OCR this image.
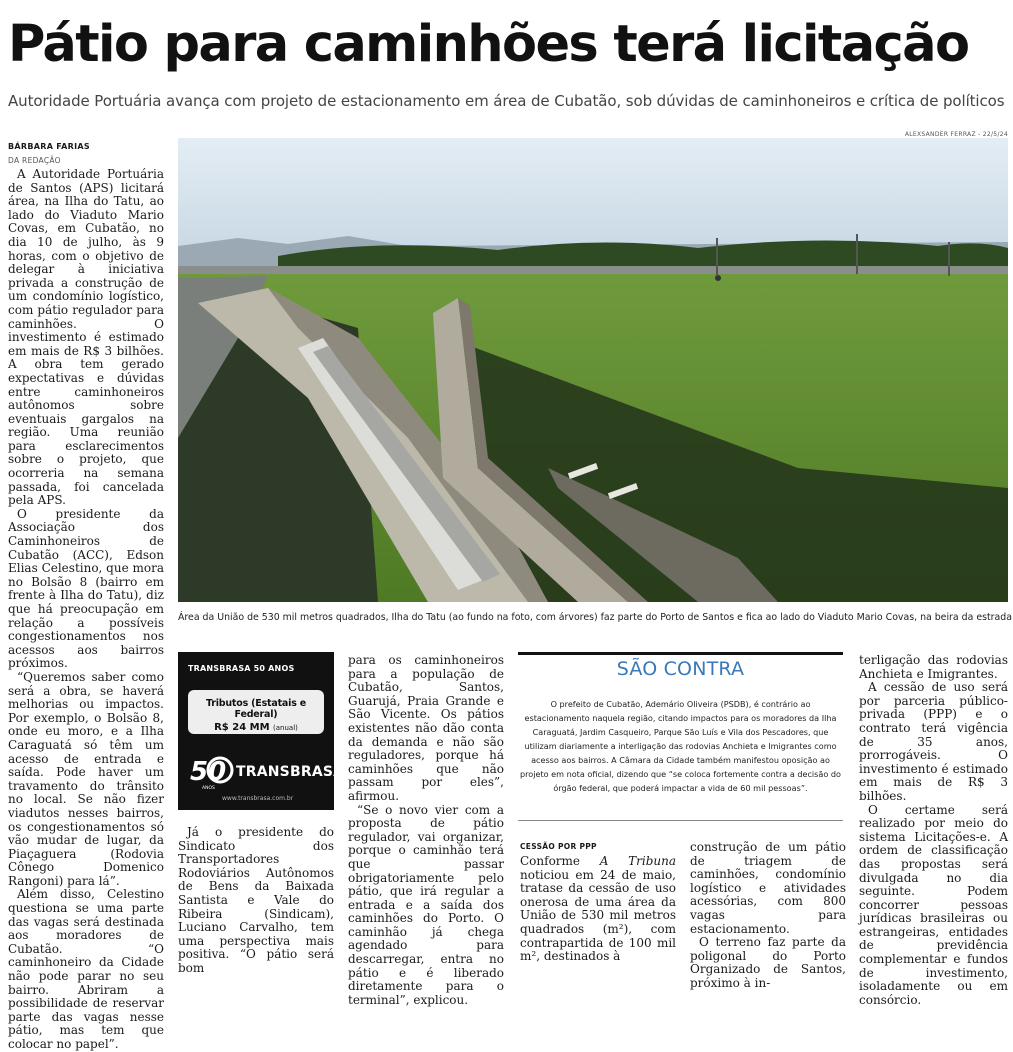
Pátio para caminhões terá licitação
Autoridade Portuária avança com projeto de estacionamento em área de Cubatão, sob dúvidas de caminhoneiros e crítica de políticos
BÁRBARA FARIAS
DA REDAÇÃO

A Autoridade Portuária de Santos (APS) licitará área, na Ilha do Tatu, ao lado do Viaduto Mario Covas, em Cubatão, no dia 10 de julho, às 9 horas, com o objetivo de delegar à iniciativa privada a construção de um condomínio logístico, com pátio regulador para caminhões. O investimento é estimado em mais de R$ 3 bilhões. A obra tem gerado expectativas e dúvidas entre caminhoneiros autônomos sobre eventuais gargalos na região. Uma reunião para esclarecimentos sobre o projeto, que ocorreria na semana passada, foi cancelada pela APS.

O presidente da Associação dos Caminhoneiros de Cubatão (ACC), Edson Elias Celestino, que mora no Bolsão 8 (bairro em frente à Ilha do Tatu), diz que há preocupação em relação a possíveis congestionamentos nos acessos aos bairros próximos.

“Queremos saber como será a obra, se haverá melhorias ou impactos. Por exemplo, o Bolsão 8, onde eu moro, e a Ilha Caraguatá só têm um acesso de entrada e saída. Pode haver um travamento do trânsito no local. Se não fizer viadutos nesses bairros, os congestionamentos só vão mudar de lugar, da Piaçaguera (Rodovia Cônego Domenico Rangoni) para lá”.

Além disso, Celestino questiona se uma parte das vagas será destinada aos moradores de Cubatão. “O caminhoneiro da Cidade não pode parar no seu bairro. Abriram a possibilidade de reservar parte das vagas nesse pátio, mas tem que colocar no papel”.

ALEXSANDER FERRAZ - 22/5/24
Área da União de 530 mil metros quadrados, Ilha do Tatu (ao fundo na foto, com árvores) faz parte do Porto de Santos e fica ao lado do Viaduto Mario Covas, na beira da estrada
TRANSBRASA 50 ANOS
Tributos (Estatais e Federal)
R$ 24 MM (anual)
50
ANOS
TRANSBRASA
www.transbrasa.com.br

Já o presidente do Sindicato dos Transportadores Rodoviários Autônomos de Bens da Baixada Santista e Vale do Ribeira (Sindicam), Luciano Carvalho, tem uma perspectiva mais positiva. “O pátio será bom

para os caminhoneiros para a população de Cubatão, Santos, Guarujá, Praia Grande e São Vicente. Os pátios existentes não dão conta da demanda e não são reguladores, porque há caminhões que não passam por eles”, afirmou.

“Se o novo vier com a proposta de pátio regulador, vai organizar, porque o caminhão terá que passar obrigatoriamente pelo pátio, que irá regular a entrada e a saída dos caminhões do Porto. O caminhão já chega agendado para descarregar, entra no pátio e é liberado diretamente para o terminal”, explicou.

SÃO CONTRA
O prefeito de Cubatão, Ademário Oliveira (PSDB), é contrário ao estacionamento naquela região, citando impactos para os moradores da Ilha Caraguatá, Jardim Casqueiro, Parque São Luís e Vila dos Pescadores, que utilizam diariamente a interligação das rodovias Anchieta e Imigrantes como acesso aos bairros. A Câmara da Cidade também manifestou oposição ao projeto em nota oficial, dizendo que “se coloca fortemente contra a decisão do órgão federal, que poderá impactar a vida de 60 mil pessoas”.
CESSÃO POR PPP

Conforme A Tribuna noticiou em 24 de maio, tratase da cessão de uso onerosa de uma área da União de 530 mil metros quadrados (m²), com contrapartida de 100 mil m², destinados à

construção de um pátio de triagem de caminhões, condomínio logístico e atividades acessórias, com 800 vagas para estacionamento.

O terreno faz parte da poligonal do Porto Organizado de Santos, próximo à in-

terligação das rodovias Anchieta e Imigrantes.

A cessão de uso será por parceria público-privada (PPP) e o contrato terá vigência de 35 anos, prorrogáveis. O investimento é estimado em mais de R$ 3 bilhões.

O certame será realizado por meio do sistema Licitações-e. A ordem de classificação das propostas será divulgada no dia seguinte. Podem concorrer pessoas jurídicas brasileiras ou estrangeiras, entidades de previdência complementar e fundos de investimento, isoladamente ou em consórcio.
